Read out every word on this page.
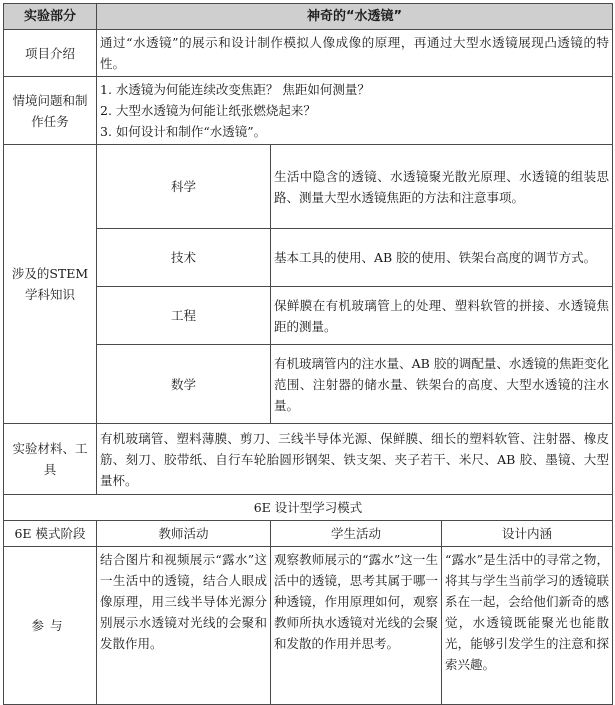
实验部分	神奇的“水透镜”		
项目介绍	通过“水透镜”的展示和设计制作模拟人像成像的原理，再通过大型水透镜展现凸透镜的特性。		
情境问题和制作任务	1. 水透镜为何能连续改变焦距？ 焦距如何测量？
2. 大型水透镜为何能让纸张燃烧起来？
3. 如何设计和制作“水透镜”。		

涉及的STEM学科知识	科学	生活中隐含的透镜、水透镜聚光散光原理、水透镜的组装思路、测量大型水透镜焦距的方法和注意事项。	
	技术	基本工具的使用、AB 胶的使用、铁架台高度的调节方式。	
	工程	保鲜膜在有机玻璃管上的处理、塑料软管的拼接、水透镜焦距的测量。	
	数学	有机玻璃管内的注水量、AB 胶的调配量、水透镜的焦距变化范围、注射器的储水量、铁架台的高度、大型水透镜的注水量。	
实验材料、工具	有机玻璃管、塑料薄膜、剪刀、三线半导体光源、保鲜膜、细长的塑料软管、注射器、橡皮筋、刻刀、胶带纸、自行车轮胎圆形钢架、铁支架、夹子若干、米尺、AB 胶、墨镜、大型量杯。		
6E 设计型学习模式			
6E 模式阶段	教师活动	学生活动	设计内涵
参与	结合图片和视频展示“露水”这一生活中的透镜，结合人眼成像原理，用三线半导体光源分别展示水透镜对光线的会聚和发散作用。	观察教师展示的“露水”这一生活中的透镜，思考其属于哪一种透镜，作用原理如何，观察教师所执水透镜对光线的会聚和发散的作用并思考。	“露水”是生活中的寻常之物，将其与学生当前学习的透镜联系在一起，会给他们新奇的感觉，水透镜既能聚光也能散光，能够引发学生的注意和探索兴趣。
